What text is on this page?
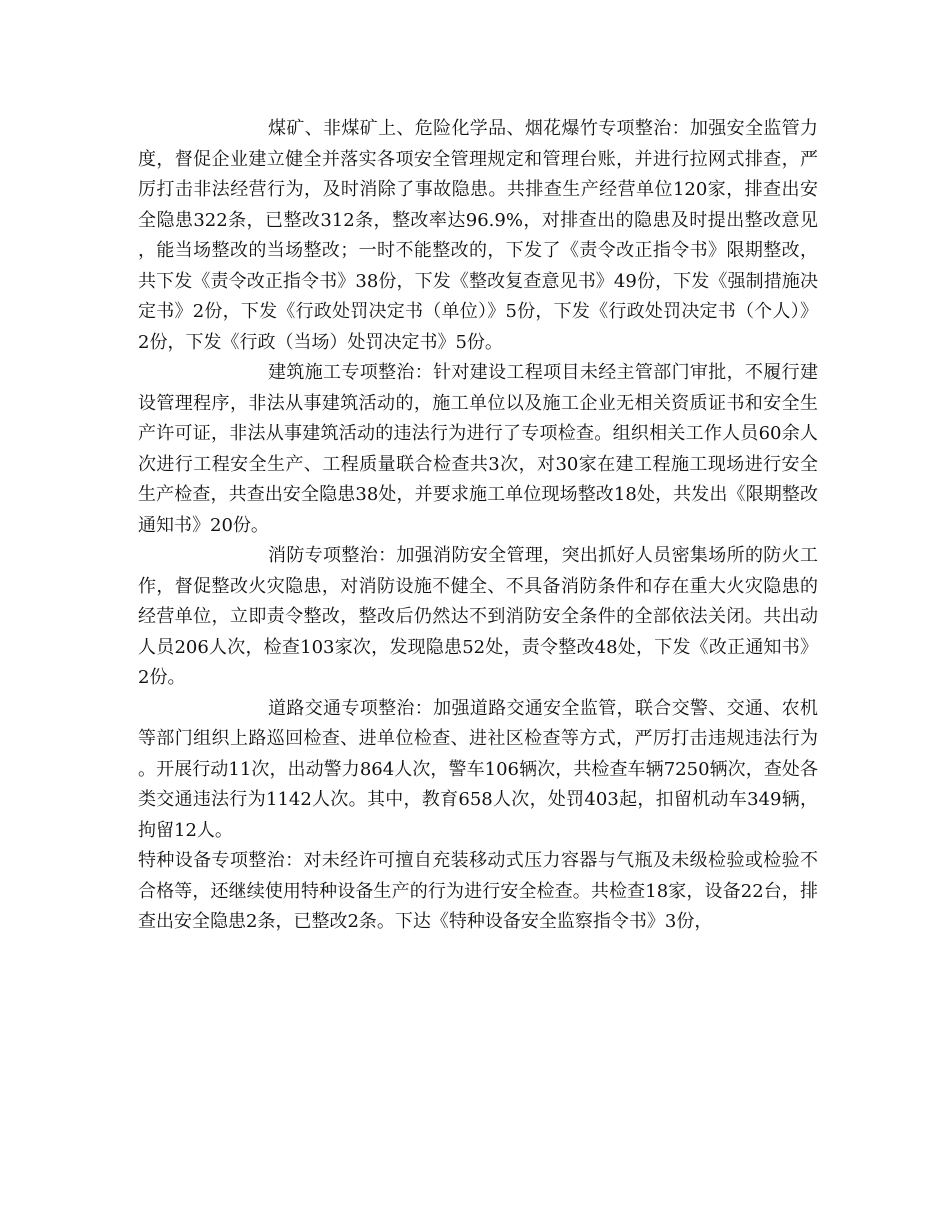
煤矿、非煤矿上、危险化学品、烟花爆竹专项整治：加强安全监管力度，督促企业建立健全并落实各项安全管理规定和管理台账，并进行拉网式排查，严厉打击非法经营行为，及时消除了事故隐患。共排查生产经营单位120家，排查出安全隐患322条，已整改312条，整改率达96.9%，对排查出的隐患及时提出整改意见，能当场整改的当场整改；一时不能整改的，下发了《责令改正指令书》限期整改，共下发《责令改正指令书》38份，下发《整改复查意见书》49份，下发《强制措施决定书》2份，下发《行政处罚决定书（单位）》5份，下发《行政处罚决定书（个人）》2份，下发《行政（当场）处罚决定书》5份。

建筑施工专项整治：针对建设工程项目未经主管部门审批，不履行建设管理程序，非法从事建筑活动的，施工单位以及施工企业无相关资质证书和安全生产许可证，非法从事建筑活动的违法行为进行了专项检查。组织相关工作人员60余人次进行工程安全生产、工程质量联合检查共3次，对30家在建工程施工现场进行安全生产检查，共查出安全隐患38处，并要求施工单位现场整改18处，共发出《限期整改通知书》20份。

消防专项整治：加强消防安全管理，突出抓好人员密集场所的防火工作，督促整改火灾隐患，对消防设施不健全、不具备消防条件和存在重大火灾隐患的经营单位，立即责令整改，整改后仍然达不到消防安全条件的全部依法关闭。共出动人员206人次，检查103家次，发现隐患52处，责令整改48处，下发《改正通知书》2份。

道路交通专项整治：加强道路交通安全监管，联合交警、交通、农机等部门组织上路巡回检查、进单位检查、进社区检查等方式，严厉打击违规违法行为。开展行动11次，出动警力864人次，警车106辆次，共检查车辆7250辆次，查处各类交通违法行为1142人次。其中，教育658人次，处罚403起，扣留机动车349辆，拘留12人。

特种设备专项整治：对未经许可擅自充装移动式压力容器与气瓶及未级检验或检验不合格等，还继续使用特种设备生产的行为进行安全检查。共检查18家，设备22台，排查出安全隐患2条，已整改2条。下达《特种设备安全监察指令书》3份，
